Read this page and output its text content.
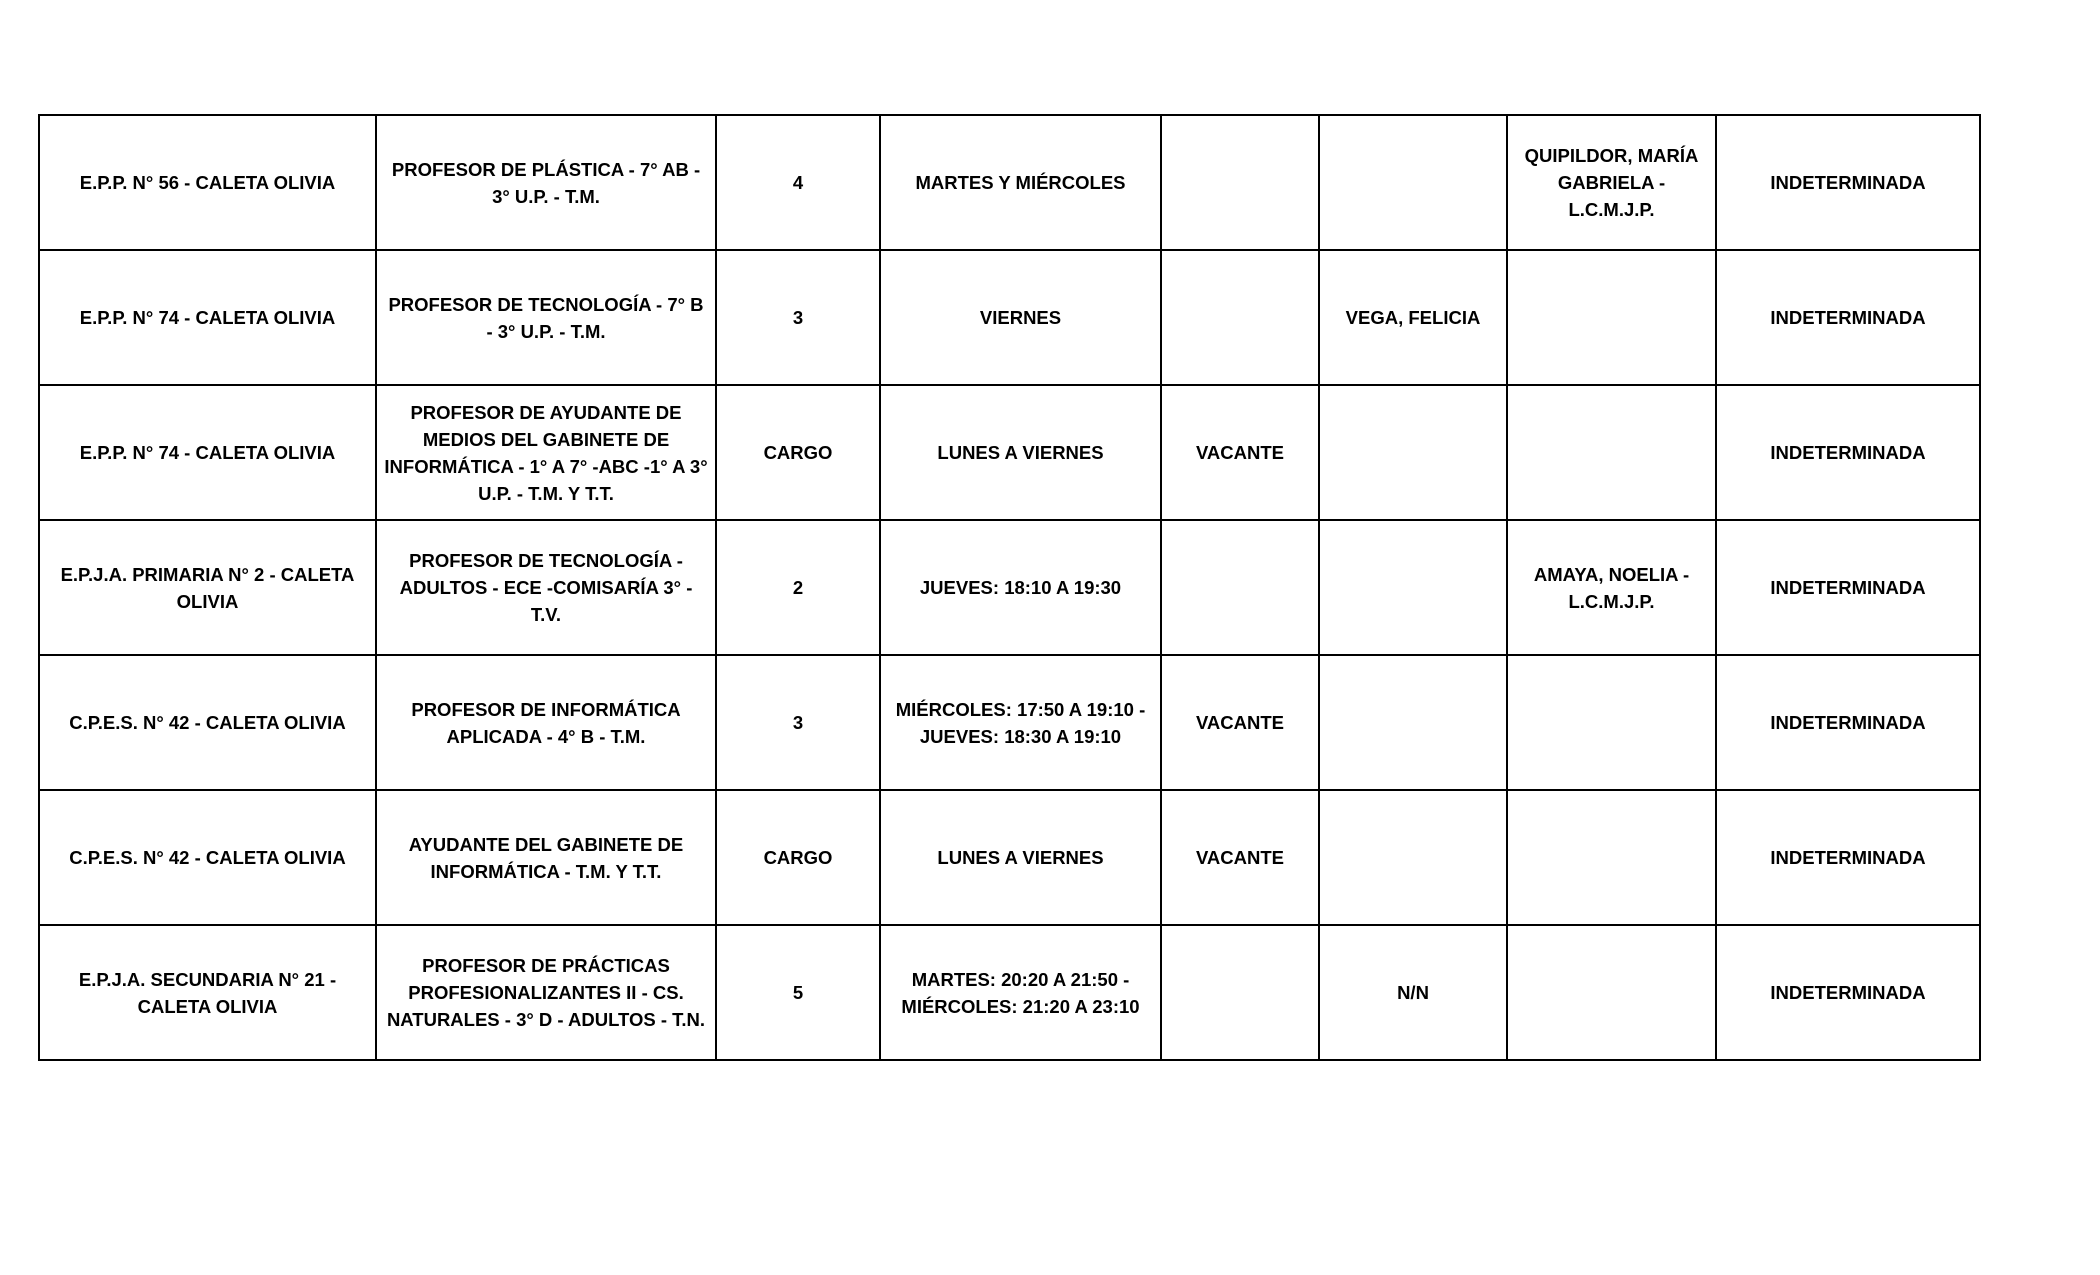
E.P.P. N° 56 - CALETA OLIVIA	PROFESOR DE PLÁSTICA - 7° AB - 3° U.P. - T.M.	4	MARTES Y MIÉRCOLES			QUIPILDOR, MARÍA GABRIELA - L.C.M.J.P.	INDETERMINADA
E.P.P. N° 74 - CALETA OLIVIA	PROFESOR DE TECNOLOGÍA - 7° B - 3° U.P. - T.M.	3	VIERNES		VEGA, FELICIA		INDETERMINADA
E.P.P. N° 74 - CALETA OLIVIA	PROFESOR DE AYUDANTE DE MEDIOS DEL GABINETE DE INFORMÁTICA - 1° A 7° -ABC -1° A 3° U.P. - T.M. Y T.T.	CARGO	LUNES A VIERNES	VACANTE			INDETERMINADA
E.P.J.A. PRIMARIA N° 2 - CALETA OLIVIA	PROFESOR DE TECNOLOGÍA - ADULTOS - ECE -COMISARÍA 3° - T.V.	2	JUEVES: 18:10 A 19:30			AMAYA, NOELIA - L.C.M.J.P.	INDETERMINADA
C.P.E.S. N° 42 - CALETA OLIVIA	PROFESOR DE INFORMÁTICA APLICADA - 4° B - T.M.	3	MIÉRCOLES: 17:50 A 19:10 - JUEVES: 18:30 A 19:10	VACANTE			INDETERMINADA
C.P.E.S. N° 42 - CALETA OLIVIA	AYUDANTE DEL GABINETE DE INFORMÁTICA - T.M. Y T.T.	CARGO	LUNES A VIERNES	VACANTE			INDETERMINADA
E.P.J.A. SECUNDARIA N° 21 - CALETA OLIVIA	PROFESOR DE PRÁCTICAS PROFESIONALIZANTES II - CS. NATURALES - 3° D - ADULTOS - T.N.	5	MARTES: 20:20 A 21:50 - MIÉRCOLES: 21:20 A 23:10		N/N		INDETERMINADA
